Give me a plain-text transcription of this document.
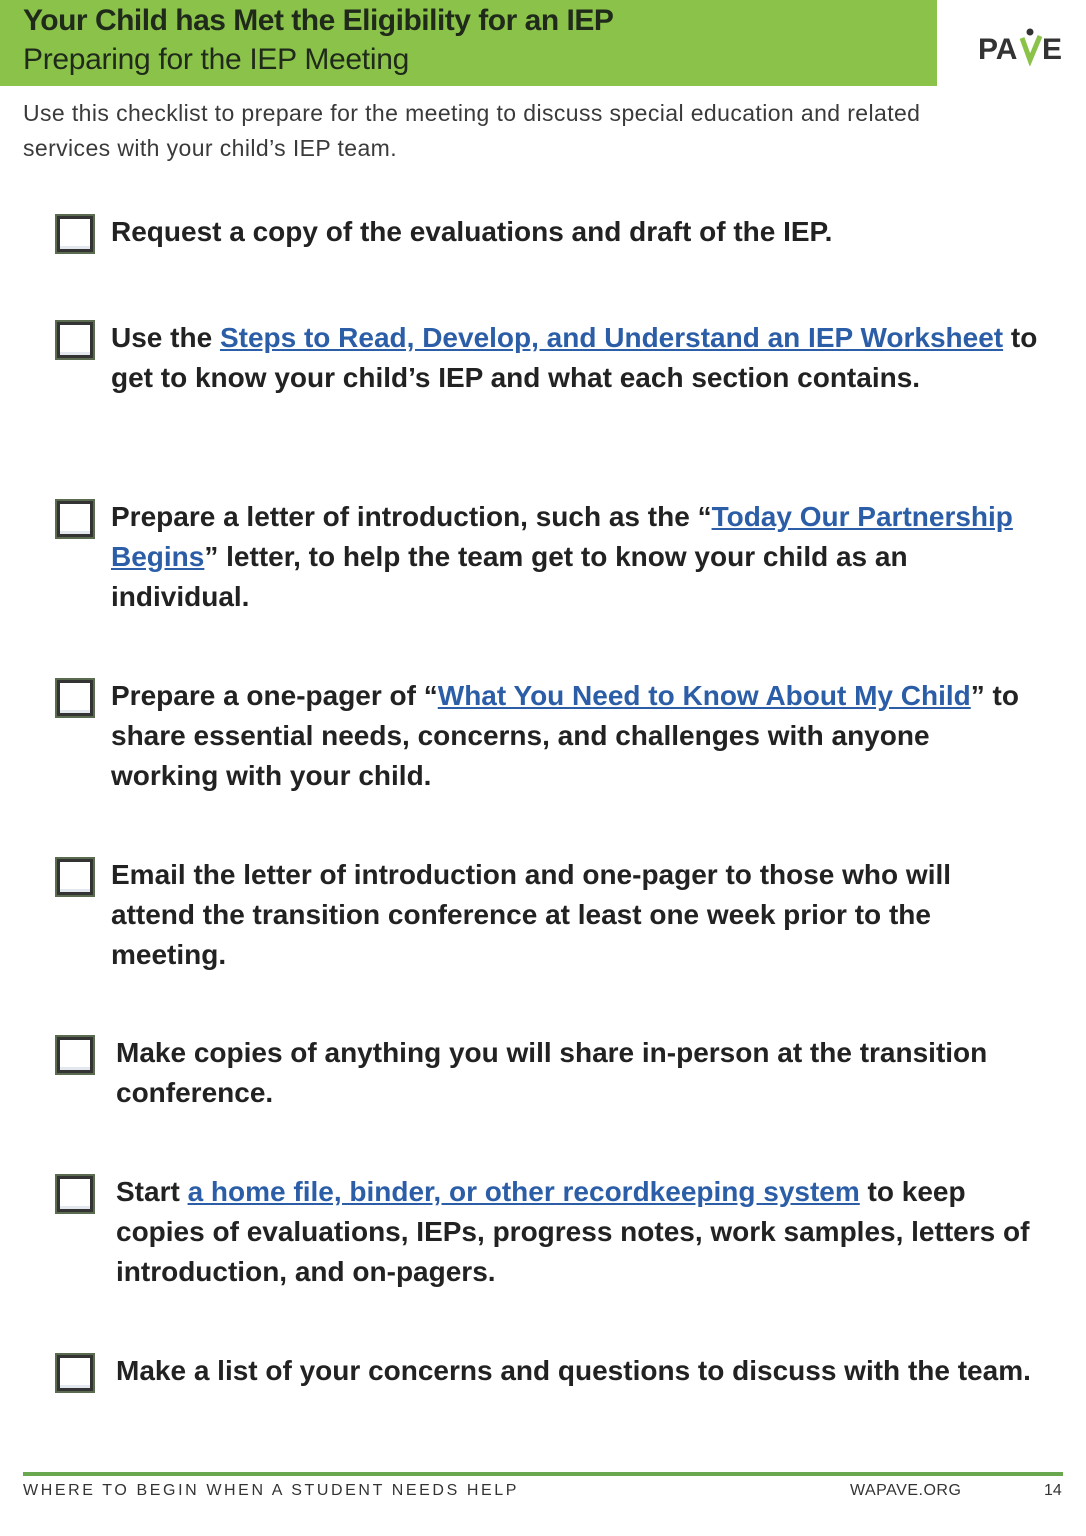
Your Child has Met the Eligibility for an IEP
Preparing for the IEP Meeting	PA E
Use this checklist to prepare for the meeting to discuss special education and related services with your child’s IEP team.
Request a copy of the evaluations and draft of the IEP.
Use the Steps to Read, Develop, and Understand an IEP Worksheet to get to know your child’s IEP and what each section contains.
Prepare a letter of introduction, such as the “Today Our Partnership Begins” letter, to help the team get to know your child as an individual.
Prepare a one-pager of “What You Need to Know About My Child” to share essential needs, concerns, and challenges with anyone working with your child.
Email the letter of introduction and one-pager to those who will attend the transition conference at least one week prior to the meeting.
Make copies of anything you will share in-person at the transition conference.
Start a home file, binder, or other recordkeeping system to keep copies of evaluations, IEPs, progress notes, work samples, letters of introduction, and on-pagers.
Make a list of your concerns and questions to discuss with the team.
WHERE TO BEGIN WHEN A STUDENT NEEDS HELP	WAPAVE.ORG	14
